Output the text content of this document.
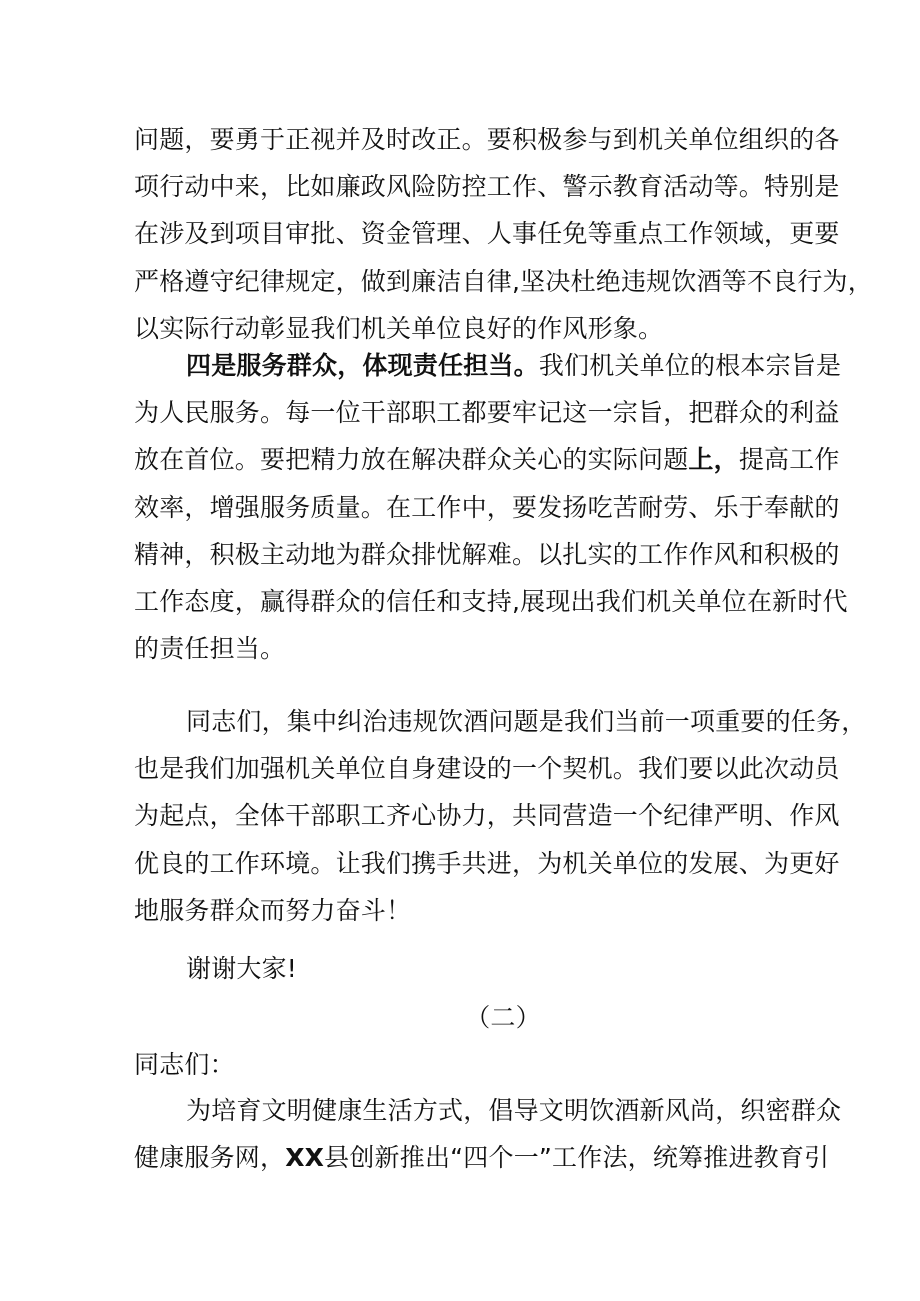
问题，要勇于正视并及时改正。要积极参与到机关单位组织的各
项行动中来，比如廉政风险防控工作、警示教育活动等。特别是
在涉及到项目审批、资金管理、人事任免等重点工作领域，更要
严格遵守纪律规定，做到廉洁自律,坚决杜绝违规饮酒等不良行为，
以实际行动彰显我们机关单位良好的作风形象。
四是服务群众，体现责任担当。我们机关单位的根本宗旨是
为人民服务。每一位干部职工都要牢记这一宗旨，把群众的利益
放在首位。要把精力放在解决群众关心的实际问题上，提高工作
效率，增强服务质量。在工作中，要发扬吃苦耐劳、乐于奉献的
精神，积极主动地为群众排忧解难。以扎实的工作作风和积极的
工作态度，赢得群众的信任和支持,展现出我们机关单位在新时代
的责任担当。
同志们，集中纠治违规饮酒问题是我们当前一项重要的任务，
也是我们加强机关单位自身建设的一个契机。我们要以此次动员
为起点，全体干部职工齐心协力，共同营造一个纪律严明、作风
优良的工作环境。让我们携手共进，为机关单位的发展、为更好
地服务群众而努力奋斗！
谢谢大家!
（二）
同志们：
为培育文明健康生活方式，倡导文明饮酒新风尚，织密群众
健康服务网，XX县创新推出“四个一”工作法，统筹推进教育引
